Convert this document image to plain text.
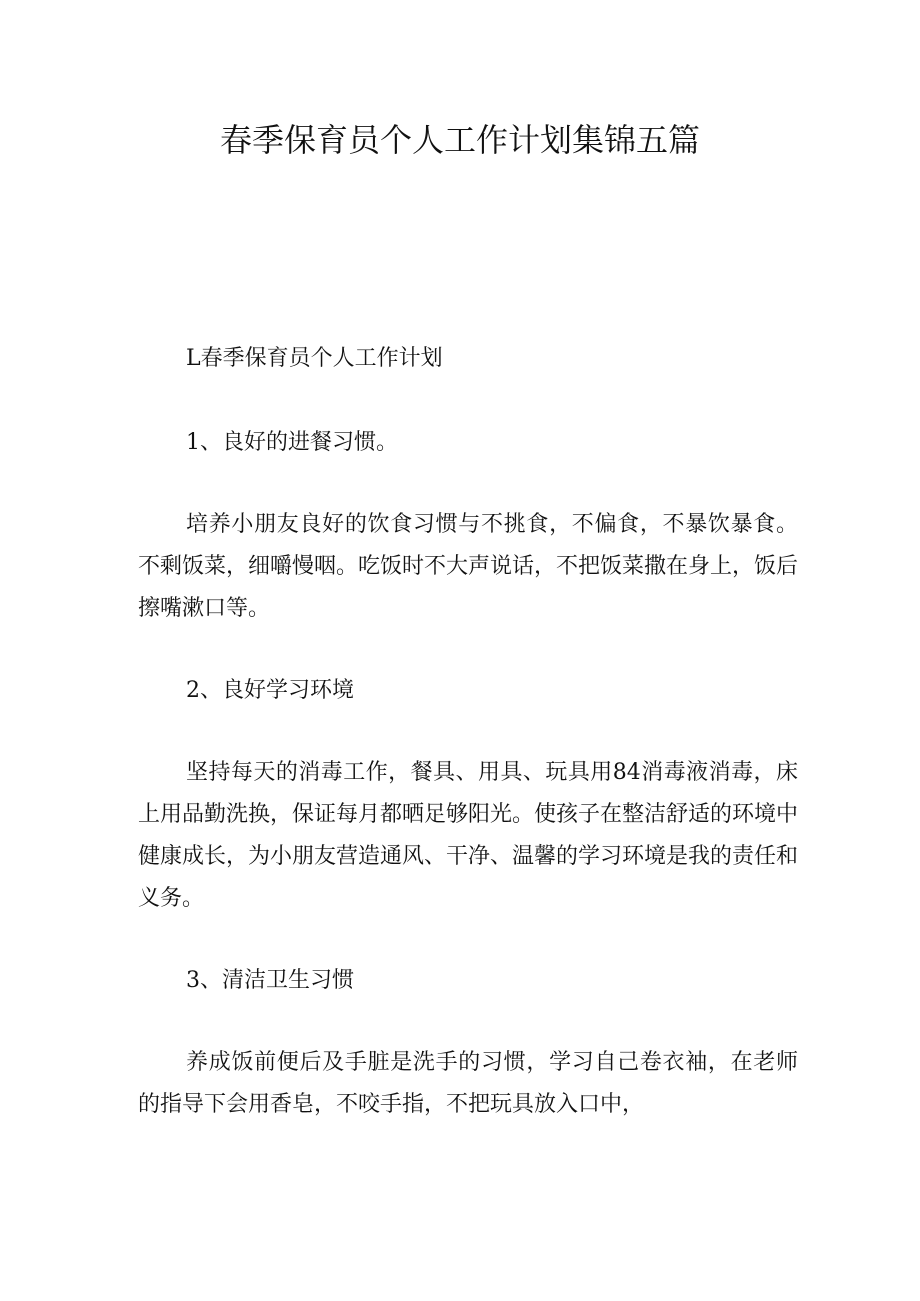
春季保育员个人工作计划集锦五篇

L春季保育员个人工作计划

1、良好的进餐习惯。

培养小朋友良好的饮食习惯与不挑食，不偏食，不暴饮暴食。不剩饭菜，细嚼慢咽。吃饭时不大声说话，不把饭菜撒在身上，饭后擦嘴漱口等。

2、良好学习环境

坚持每天的消毒工作，餐具、用具、玩具用84消毒液消毒，床上用品勤洗换，保证每月都晒足够阳光。使孩子在整洁舒适的环境中健康成长，为小朋友营造通风、干净、温馨的学习环境是我的责任和义务。

3、清洁卫生习惯

养成饭前便后及手脏是洗手的习惯，学习自己卷衣袖，在老师的指导下会用香皂，不咬手指，不把玩具放入口中，
